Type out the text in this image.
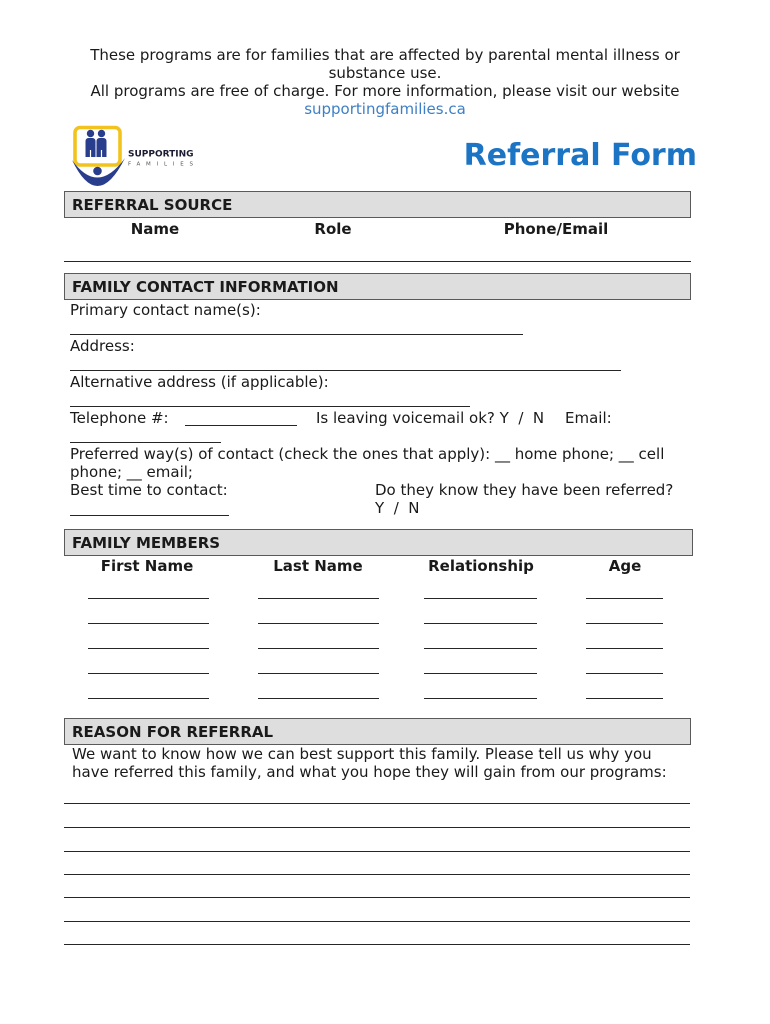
These programs are for families that are affected by parental mental illness or
substance use.
All programs are free of charge. For more information, please visit our website
supportingfamilies.ca
SUPPORTING
FAMILIES	Referral Form
REFERRAL SOURCE
Name	Role	Phone/Email
FAMILY CONTACT INFORMATION
Primary contact name(s):
Address:
Alternative address (if applicable):
Telephone #:	Is leaving voicemail ok? Y  /  N Email:
Preferred way(s) of contact (check the ones that apply): __ home phone; __ cell
phone; __ email;
Best time to contact:	Do they know they have been referred?
Y  /  N
FAMILY MEMBERS
First Name	Last Name	Relationship	Age
REASON FOR REFERRAL
We want to know how we can best support this family. Please tell us why you
have referred this family, and what you hope they will gain from our programs:
